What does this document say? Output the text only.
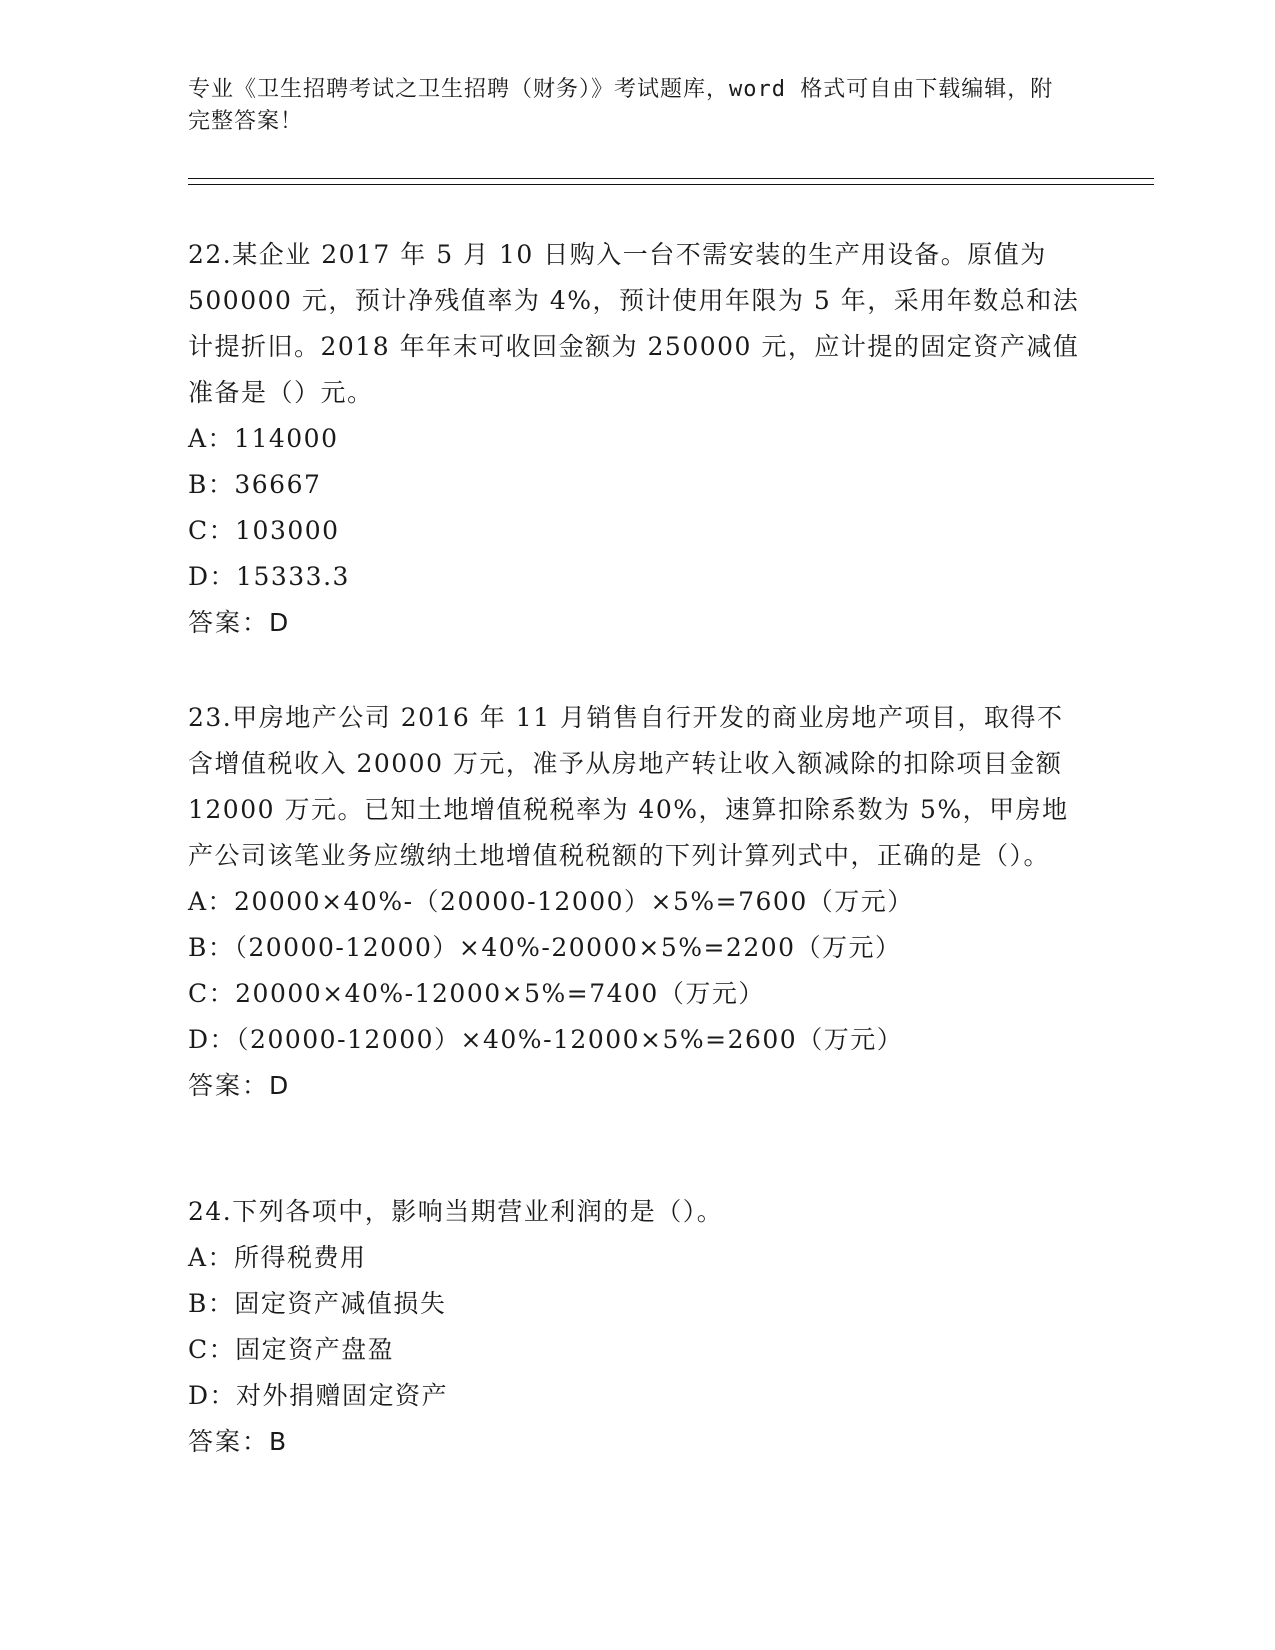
专业《卫生招聘考试之卫生招聘（财务）》考试题库，word 格式可自由下载编辑，附完整答案！
22.某企业 2017 年 5 月 10 日购入一台不需安装的生产用设备。原值为 500000 元，预计净残值率为 4%，预计使用年限为 5 年，采用年数总和法计提折旧。2018 年年末可收回金额为 250000 元，应计提的固定资产减值准备是（）元。
A：114000
B：36667
C：103000
D：15333.3
答案：D
23.甲房地产公司 2016 年 11 月销售自行开发的商业房地产项目，取得不含增值税收入 20000 万元，准予从房地产转让收入额减除的扣除项目金额 12000 万元。已知土地增值税税率为 40%，速算扣除系数为 5%，甲房地产公司该笔业务应缴纳土地增值税税额的下列计算列式中，正确的是（）。
A：20000×40%-（20000-12000）×5%=7600（万元）
B：（20000-12000）×40%-20000×5%=2200（万元）
C：20000×40%-12000×5%=7400（万元）
D：（20000-12000）×40%-12000×5%=2600（万元）
答案：D
24.下列各项中，影响当期营业利润的是（）。
A：所得税费用
B：固定资产减值损失
C：固定资产盘盈
D：对外捐赠固定资产
答案：B
